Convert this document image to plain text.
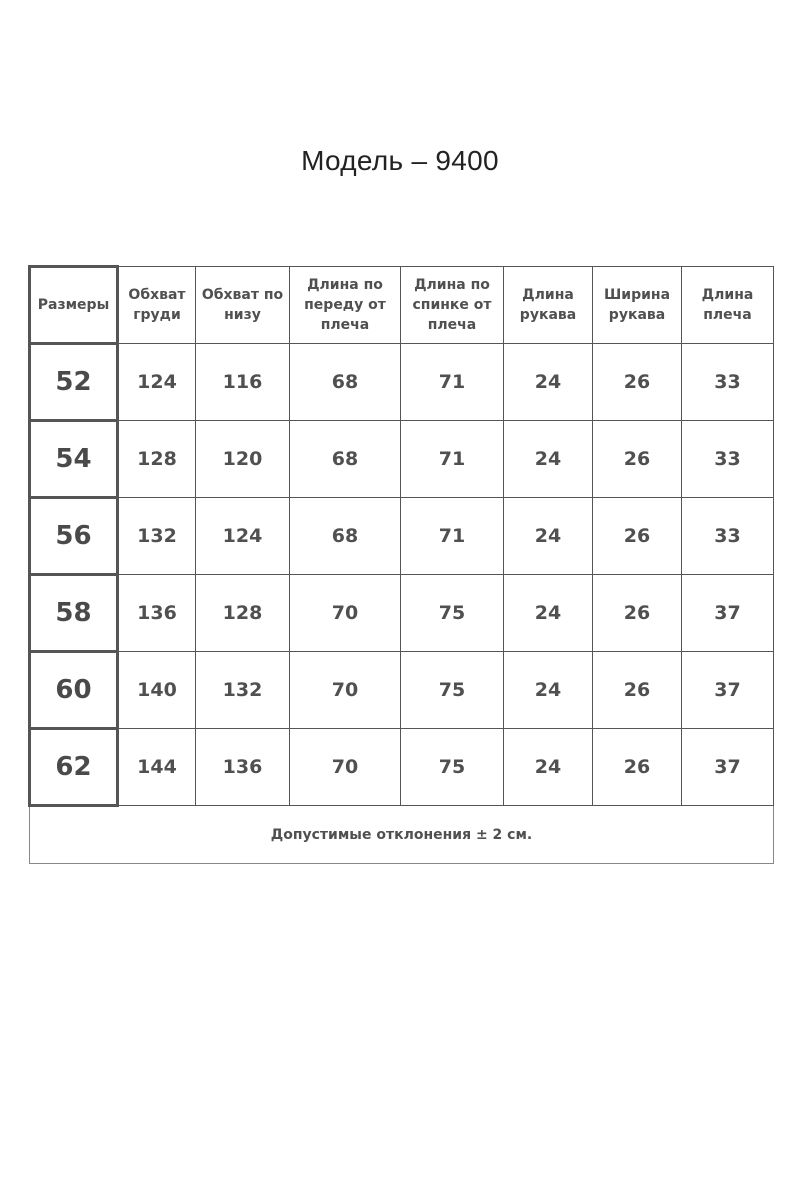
Модель – 9400
Размеры	Обхват груди	Обхват по низу	Длина по переду от плеча	Длина по спинке от плеча	Длина рукава	Ширина рукава	Длина плеча
52	124	116	68	71	24	26	33
54	128	120	68	71	24	26	33
56	132	124	68	71	24	26	33
58	136	128	70	75	24	26	37
60	140	132	70	75	24	26	37
62	144	136	70	75	24	26	37
Допустимые отклонения ± 2 см.							
